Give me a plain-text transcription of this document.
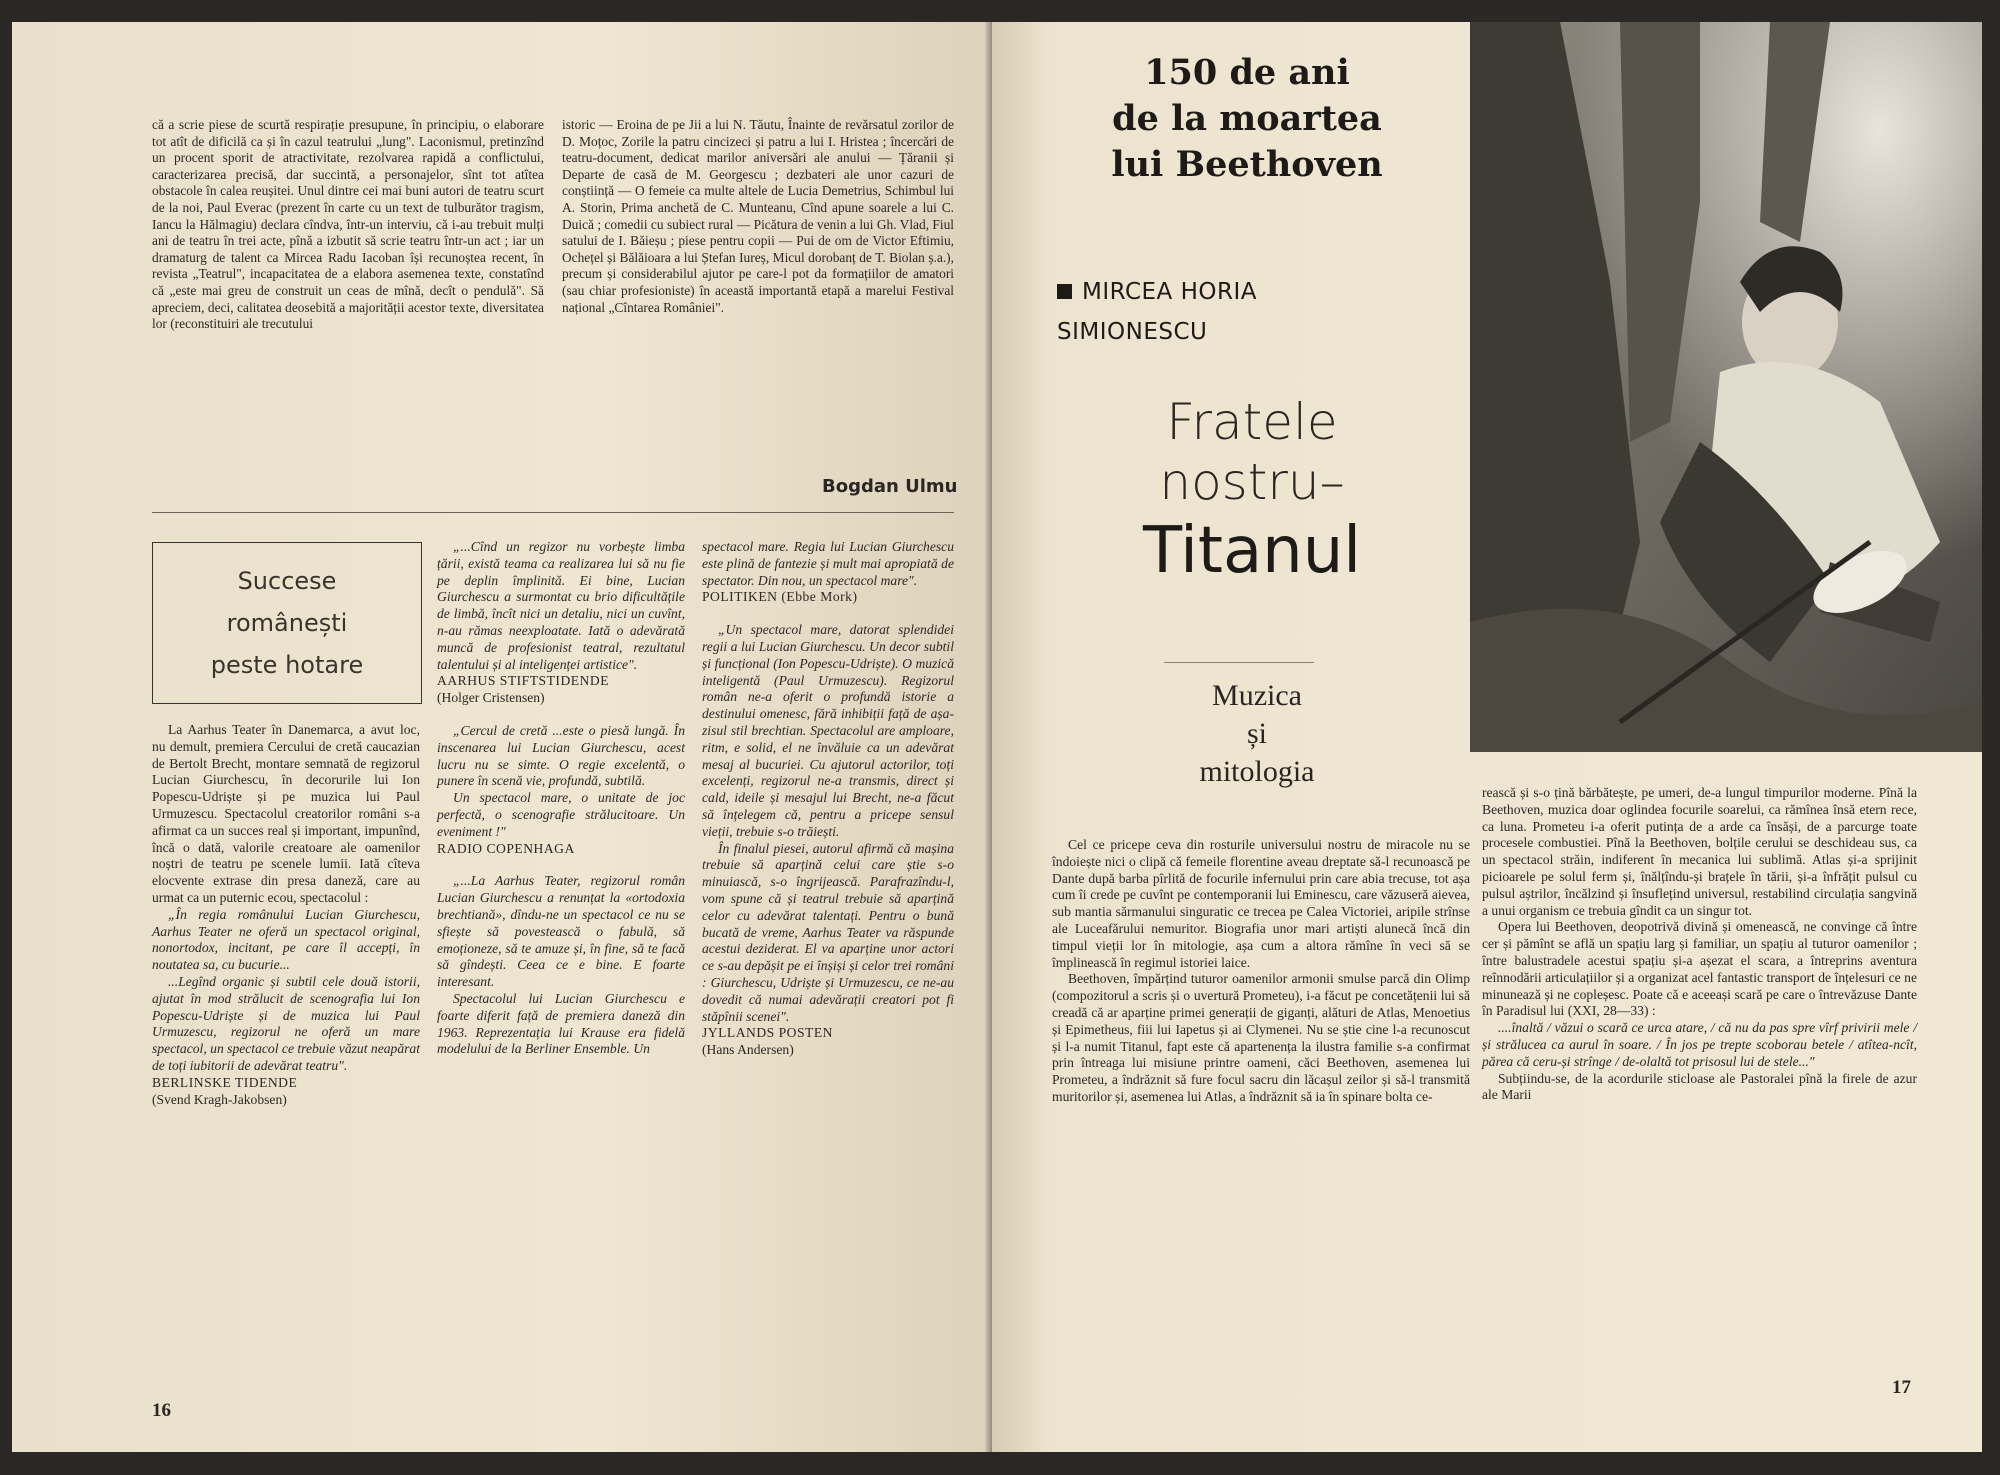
că a scrie piese de scurtă respirație presupune, în principiu, o elaborare tot atît de dificilă ca și în cazul teatrului „lung". Laconismul, pretinzînd un procent sporit de atractivitate, rezolvarea rapidă a conflictului, caracterizarea precisă, dar succintă, a personajelor, sînt tot atîtea obstacole în calea reușitei. Unul dintre cei mai buni autori de teatru scurt de la noi, Paul Everac (prezent în carte cu un text de tulburător tragism, Iancu la Hălmagiu) declara cîndva, într-un interviu, că i-au trebuit mulți ani de teatru în trei acte, pînă a izbutit să scrie teatru într-un act ; iar un dramaturg de talent ca Mircea Radu Iacoban își recunoștea recent, în revista „Teatrul", incapacitatea de a elabora asemenea texte, constatînd că „este mai greu de construit un ceas de mînă, decît o pendulă". Să apreciem, deci, calitatea deosebită a majorității acestor texte, diversitatea lor (reconstituiri ale trecutului

istoric — Eroina de pe Jii a lui N. Tăutu, Înainte de revărsatul zorilor de D. Moțoc, Zorile la patru cincizeci și patru a lui I. Hristea ; încercări de teatru-document, dedicat marilor aniversări ale anului — Țăranii și Departe de casă de M. Georgescu ; dezbateri ale unor cazuri de conștiință — O femeie ca multe altele de Lucia Demetrius, Schimbul lui A. Storin, Prima anchetă de C. Munteanu, Cînd apune soarele a lui C. Duică ; comedii cu subiect rural — Picătura de venin a lui Gh. Vlad, Fiul satului de I. Băieșu ; piese pentru copii — Pui de om de Victor Eftimiu, Ochețel și Bălăioara a lui Ștefan Iureș, Micul dorobanț de T. Biolan ș.a.), precum și considerabilul ajutor pe care-l pot da formațiilor de amatori (sau chiar profesioniste) în această importantă etapă a marelui Festival național „Cîntarea României".

Bogdan Ulmu
Succese
românești
peste hotare

La Aarhus Teater în Danemarca, a avut loc, nu demult, premiera Cercului de cretă caucazian de Bertolt Brecht, montare semnată de regizorul Lucian Giurchescu, în decorurile lui Ion Popescu-Udriște și pe muzica lui Paul Urmuzescu. Spectacolul creatorilor români s-a afirmat ca un succes real și important, impunînd, încă o dată, valorile creatoare ale oamenilor noștri de teatru pe scenele lumii. Iată cîteva elocvente extrase din presa daneză, care au urmat ca un puternic ecou, spectacolul :

„În regia românului Lucian Giurchescu, Aarhus Teater ne oferă un spectacol original, nonortodox, incitant, pe care îl accepți, în noutatea sa, cu bucurie...

...Legînd organic și subtil cele două istorii, ajutat în mod strălucit de scenografia lui Ion Popescu-Udriște și de muzica lui Paul Urmuzescu, regizorul ne oferă un mare spectacol, un spectacol ce trebuie văzut neapărat de toți iubitorii de adevărat teatru".

BERLINSKE TIDENDE

(Svend Kragh-Jakobsen)

„...Cînd un regizor nu vorbește limba țării, există teama ca realizarea lui să nu fie pe deplin împlinită. Ei bine, Lucian Giurchescu a surmontat cu brio dificultățile de limbă, încît nici un detaliu, nici un cuvînt, n-au rămas neexploatate. Iată o adevărată muncă de profesionist teatral, rezultatul talentului și al inteligenței artistice".

AARHUS STIFTSTIDENDE

(Holger Cristensen)

„Cercul de cretă ...este o piesă lungă. În inscenarea lui Lucian Giurchescu, acest lucru nu se simte. O regie excelentă, o punere în scenă vie, profundă, subtilă.

Un spectacol mare, o unitate de joc perfectă, o scenografie strălucitoare. Un eveniment !"

RADIO COPENHAGA

„...La Aarhus Teater, regizorul român Lucian Giurchescu a renunțat la «ortodoxia brechtiană», dîndu-ne un spectacol ce nu se sfiește să povestească o fabulă, să emoționeze, să te amuze și, în fine, să te facă să gîndești. Ceea ce e bine. E foarte interesant.

Spectacolul lui Lucian Giurchescu e foarte diferit față de premiera daneză din 1963. Reprezentația lui Krause era fidelă modelului de la Berliner Ensemble. Un

spectacol mare. Regia lui Lucian Giurchescu este plină de fantezie și mult mai apropiată de spectator. Din nou, un spectacol mare".

POLITIKEN (Ebbe Mork)

„Un spectacol mare, datorat splendidei regii a lui Lucian Giurchescu. Un decor subtil și funcțional (Ion Popescu-Udriște). O muzică inteligentă (Paul Urmuzescu). Regizorul român ne-a oferit o profundă istorie a destinului omenesc, fără inhibiții față de așa-zisul stil brechtian. Spectacolul are amploare, ritm, e solid, el ne învăluie ca un adevărat mesaj al bucuriei. Cu ajutorul actorilor, toți excelenți, regizorul ne-a transmis, direct și cald, ideile și mesajul lui Brecht, ne-a făcut să înțelegem că, pentru a pricepe sensul vieții, trebuie s-o trăiești.

În finalul piesei, autorul afirmă că mașina trebuie să aparțină celui care știe s-o minuiască, s-o îngrijească. Parafrazîndu-l, vom spune că și teatrul trebuie să aparțină celor cu adevărat talentați. Pentru o bună bucată de vreme, Aarhus Teater va răspunde acestui deziderat. El va aparține unor actori ce s-au depășit pe ei înșiși și celor trei români : Giurchescu, Udriște și Urmuzescu, ce ne-au dovedit că numai adevărații creatori pot fi stăpînii scenei".

JYLLANDS POSTEN

(Hans Andersen)

16
150 de ani
de la moartea
lui Beethoven
MIRCEA HORIA
SIMIONESCU
Fratele
nostru–
Titanul
Muzica
și
mitologia

Cel ce pricepe ceva din rosturile universului nostru de miracole nu se îndoiește nici o clipă că femeile florentine aveau dreptate să-l recunoască pe Dante după barba pîrlită de focurile infernului prin care abia trecuse, tot așa cum îi crede pe cuvînt pe contemporanii lui Eminescu, care văzuseră aievea, sub mantia sărmanului singuratic ce trecea pe Calea Victoriei, aripile strînse ale Luceafărului nemuritor. Biografia unor mari artiști alunecă încă din timpul vieții lor în mitologie, așa cum a altora rămîne în veci să se împlinească în regimul istoriei laice.

Beethoven, împărțind tuturor oamenilor armonii smulse parcă din Olimp (compozitorul a scris și o uvertură Prometeu), i-a făcut pe concetățenii lui să creadă că ar aparține primei generații de giganți, alături de Atlas, Menoetius și Epimetheus, fiii lui Iapetus și ai Clymenei. Nu se știe cine l-a recunoscut și l-a numit Titanul, fapt este că apartenența la ilustra familie s-a confirmat prin întreaga lui misiune printre oameni, căci Beethoven, asemenea lui Prometeu, a îndrăznit să fure focul sacru din lăcașul zeilor și să-l transmită muritorilor și, asemenea lui Atlas, a îndrăznit să ia în spinare bolta ce-

rească și s-o țină bărbătește, pe umeri, de-a lungul timpurilor moderne. Pînă la Beethoven, muzica doar oglindea focurile soarelui, ca rămînea însă etern rece, ca luna. Prometeu i-a oferit putința de a arde ca însăși, de a parcurge toate procesele combustiei. Pînă la Beethoven, bolțile cerului se deschideau sus, ca un spectacol străin, indiferent în mecanica lui sublimă. Atlas și-a sprijinit picioarele pe solul ferm și, înălțîndu-și brațele în tării, și-a înfrățit pulsul cu pulsul aștrilor, încălzind și însuflețind universul, restabilind circulația sangvină a unui organism ce trebuia gîndit ca un singur tot.

Opera lui Beethoven, deopotrivă divină și omenească, ne convinge că între cer și pămînt se află un spațiu larg și familiar, un spațiu al tuturor oamenilor ; între balustradele acestui spațiu și-a așezat el scara, a întreprins aventura reînnodării articulațiilor și a organizat acel fantastic transport de înțelesuri ce ne minunează și ne copleșesc. Poate că e aceeași scară pe care o întrevăzuse Dante în Paradisul lui (XXI, 28—33) :

....înaltă / văzui o scară ce urca atare, / că nu da pas spre vîrf privirii mele / și strălucea ca aurul în soare. / În jos pe trepte scoborau betele / atîtea-ncît, părea că ceru-și strînge / de-olaltă tot prisosul lui de stele..."

Subțiindu-se, de la acordurile sticloase ale Pastoralei pînă la firele de azur ale Marii

17
